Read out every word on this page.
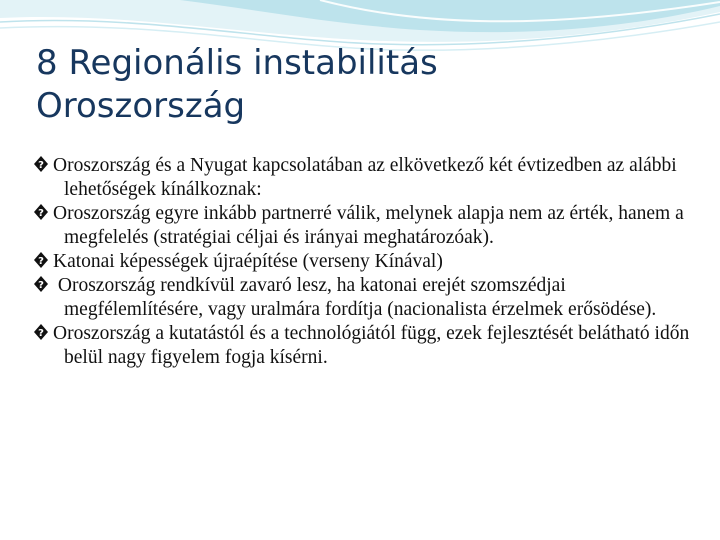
8 Regionális instabilitás
Oroszország
? Oroszország és a Nyugat kapcsolatában az elkövetkező két évtizedben az alábbi lehetőségek kínálkoznak:
? Oroszország egyre inkább partnerré válik, melynek alapja nem az érték, hanem a megfelelés (stratégiai céljai és irányai meghatározóak).
? Katonai képességek újraépítése (verseny Kínával)
? Oroszország rendkívül zavaró lesz, ha katonai erejét szomszédjai megfélemlítésére, vagy uralmára fordítja (nacionalista érzelmek erősödése).
? Oroszország a kutatástól és a technológiától függ, ezek fejlesztését belátható időn belül nagy figyelem fogja kísérni.
